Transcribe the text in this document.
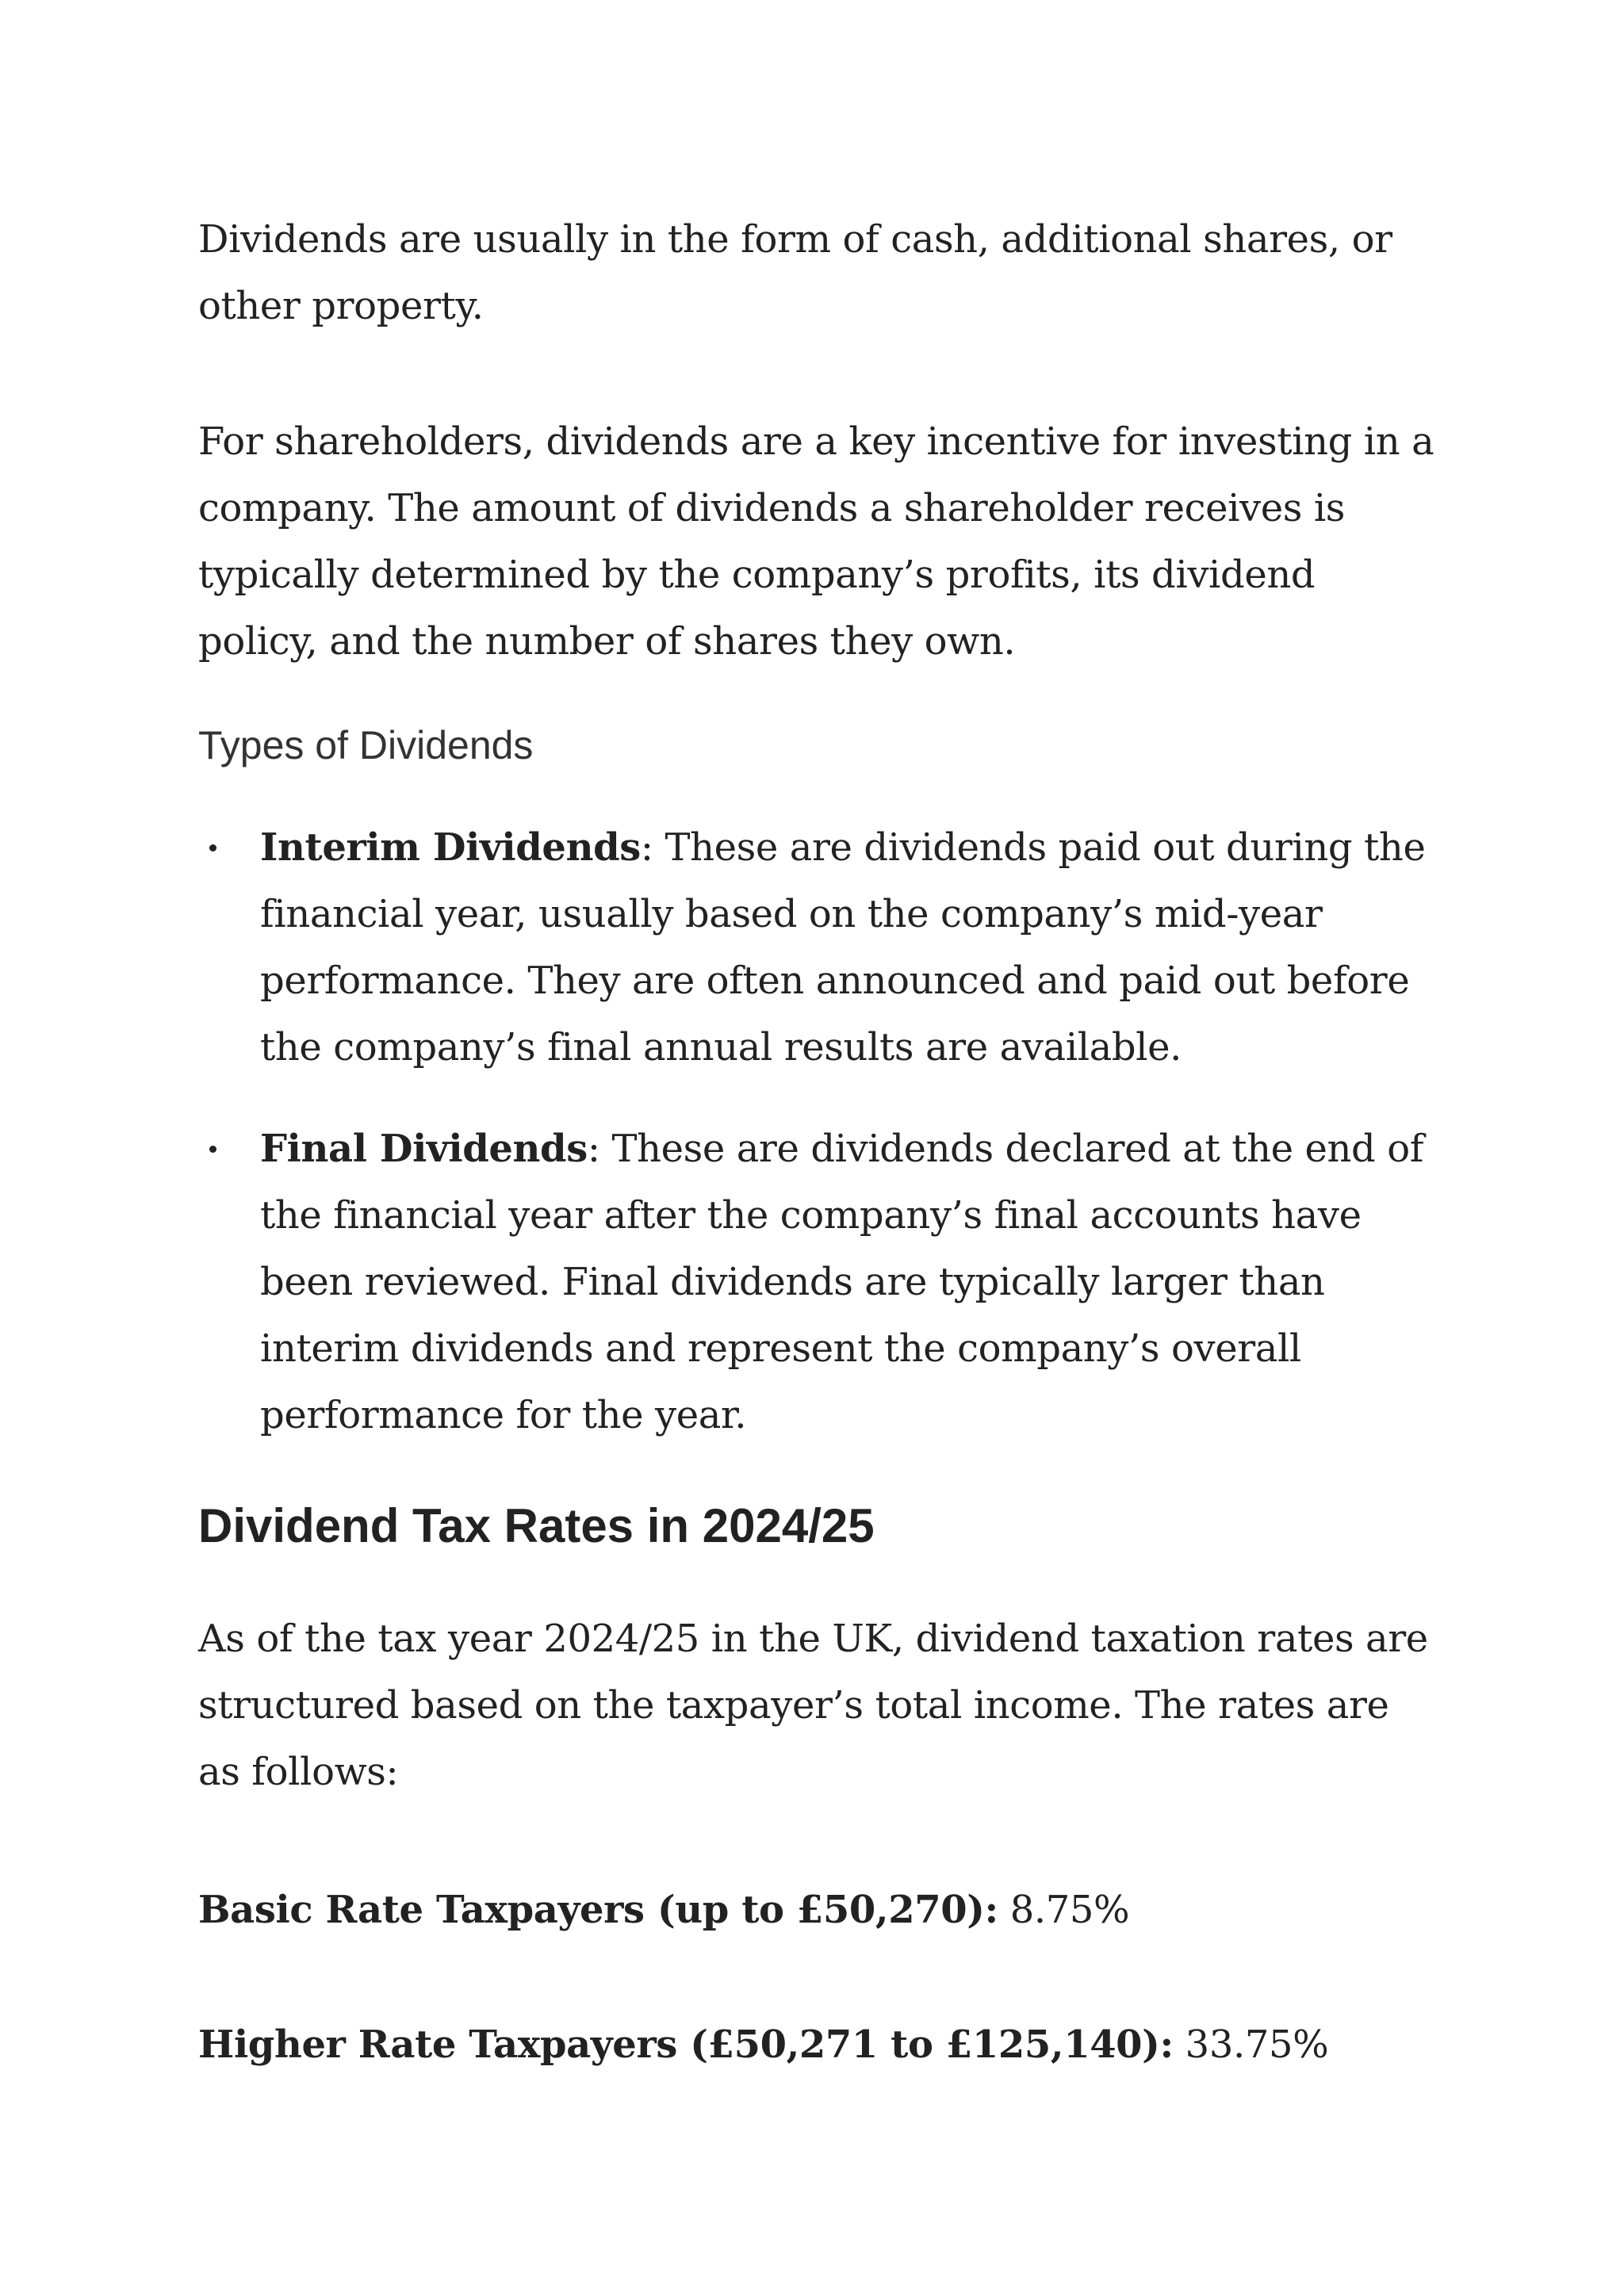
Dividends are usually in the form of cash, additional shares, or other property.

For shareholders, dividends are a key incentive for investing in a company. The amount of dividends a shareholder receives is typically determined by the company’s profits, its dividend policy, and the number of shares they own.

Types of Dividends
Interim Dividends: These are dividends paid out during the financial year, usually based on the company’s mid-year performance. They are often announced and paid out before the company’s final annual results are available.
Final Dividends: These are dividends declared at the end of the financial year after the company’s final accounts have been reviewed. Final dividends are typically larger than interim dividends and represent the company’s overall performance for the year.
Dividend Tax Rates in 2024/25

As of the tax year 2024/25 in the UK, dividend taxation rates are structured based on the taxpayer’s total income. The rates are as follows:

Basic Rate Taxpayers (up to £50,270): 8.75%

Higher Rate Taxpayers (£50,271 to £125,140): 33.75%
